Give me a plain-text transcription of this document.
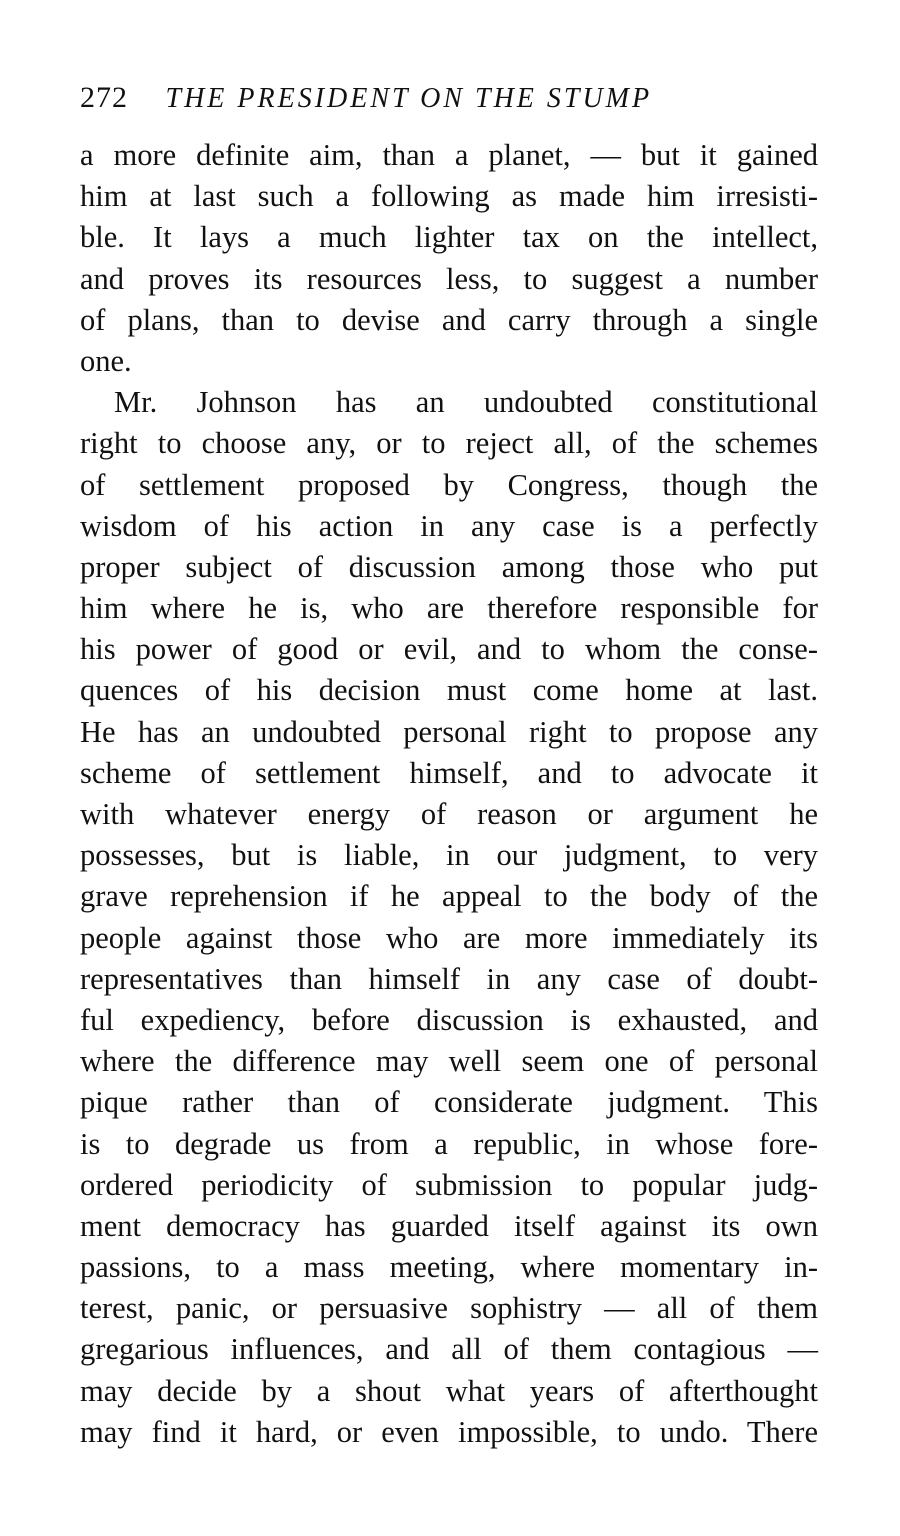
272 THE PRESIDENT ON THE STUMP
a more definite aim, than a planet, — but it gained
him at last such a following as made him irresisti-
ble. It lays a much lighter tax on the intellect,
and proves its resources less, to suggest a number
of plans, than to devise and carry through a single
one.
Mr. Johnson has an undoubted constitutional
right to choose any, or to reject all, of the schemes
of settlement proposed by Congress, though the
wisdom of his action in any case is a perfectly
proper subject of discussion among those who put
him where he is, who are therefore responsible for
his power of good or evil, and to whom the conse-
quences of his decision must come home at last.
He has an undoubted personal right to propose any
scheme of settlement himself, and to advocate it
with whatever energy of reason or argument he
possesses, but is liable, in our judgment, to very
grave reprehension if he appeal to the body of the
people against those who are more immediately its
representatives than himself in any case of doubt-
ful expediency, before discussion is exhausted, and
where the difference may well seem one of personal
pique rather than of considerate judgment. This
is to degrade us from a republic, in whose fore-
ordered periodicity of submission to popular judg-
ment democracy has guarded itself against its own
passions, to a mass meeting, where momentary in-
terest, panic, or persuasive sophistry — all of them
gregarious influences, and all of them contagious —
may decide by a shout what years of afterthought
may find it hard, or even impossible, to undo. There
